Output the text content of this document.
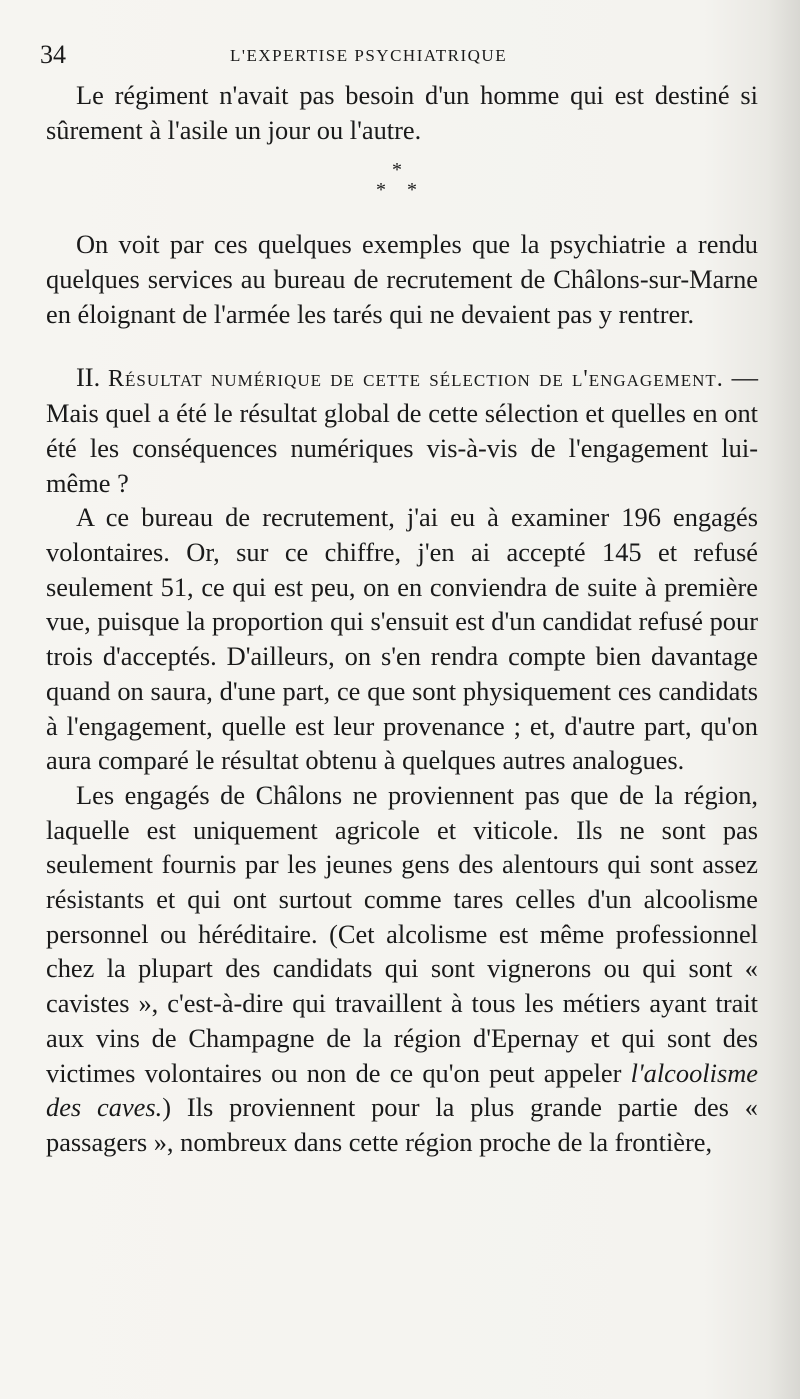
34	L'EXPERTISE PSYCHIATRIQUE

Le régiment n'avait pas besoin d'un homme qui est destiné si sûrement à l'asile un jour ou l'autre.

*
* *

On voit par ces quelques exemples que la psychiatrie a rendu quelques services au bureau de recrutement de Châlons-sur-Marne en éloignant de l'armée les tarés qui ne devaient pas y rentrer.

II. Résultat numérique de cette sélection de l'engagement. — Mais quel a été le résultat global de cette sélection et quelles en ont été les conséquences numériques vis-à-vis de l'engagement lui-même ?

A ce bureau de recrutement, j'ai eu à examiner 196 engagés volontaires. Or, sur ce chiffre, j'en ai accepté 145 et refusé seulement 51, ce qui est peu, on en conviendra de suite à première vue, puisque la proportion qui s'ensuit est d'un candidat refusé pour trois d'acceptés. D'ailleurs, on s'en rendra compte bien davantage quand on saura, d'une part, ce que sont physiquement ces candidats à l'engagement, quelle est leur provenance ; et, d'autre part, qu'on aura comparé le résultat obtenu à quelques autres analogues.

Les engagés de Châlons ne proviennent pas que de la région, laquelle est uniquement agricole et viticole. Ils ne sont pas seulement fournis par les jeunes gens des alentours qui sont assez résistants et qui ont surtout comme tares celles d'un alcoolisme personnel ou héréditaire. (Cet alcolisme est même professionnel chez la plupart des candidats qui sont vignerons ou qui sont « cavistes », c'est-à-dire qui travaillent à tous les métiers ayant trait aux vins de Champagne de la région d'Epernay et qui sont des victimes volontaires ou non de ce qu'on peut appeler l'alcoolisme des caves.) Ils proviennent pour la plus grande partie des « passagers », nombreux dans cette région proche de la frontière,
